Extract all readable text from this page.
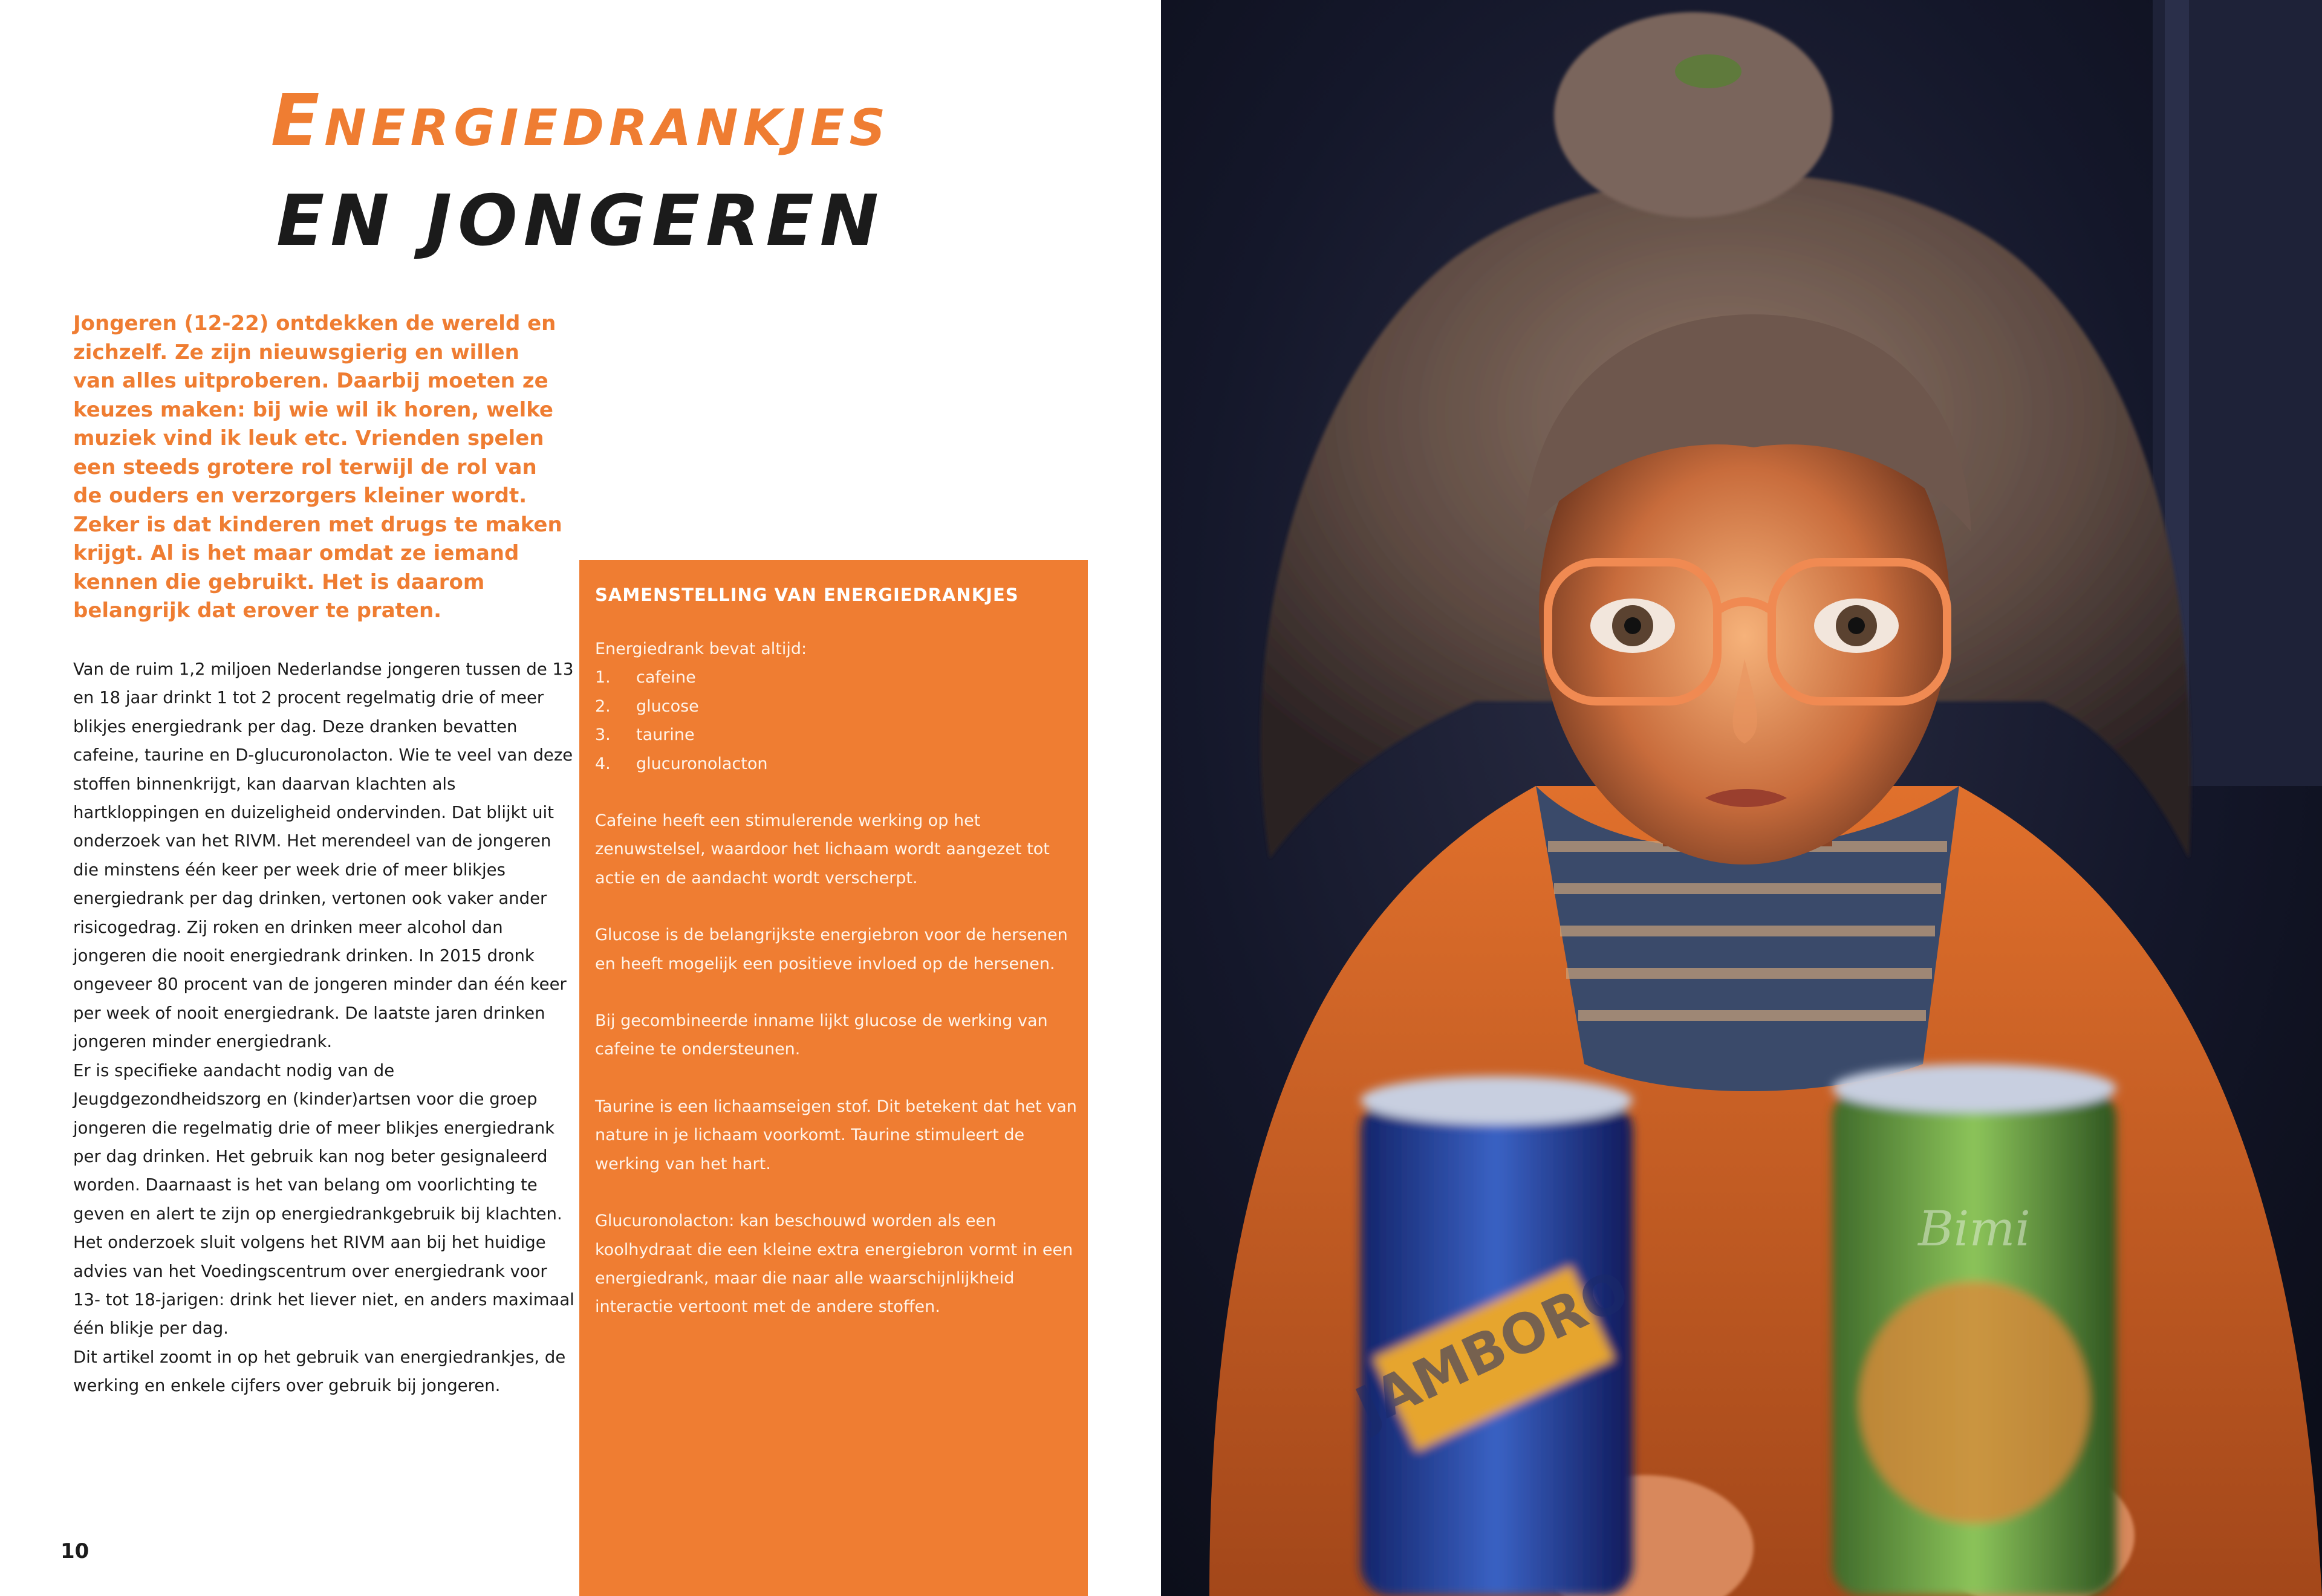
Energiedrankjes
EN JONGEREN

Jongeren (12-22) ontdekken de wereld en zichzelf. Ze zijn nieuwsgierig en willen van alles uitproberen. Daarbij moeten ze keuzes maken: bij wie wil ik horen, welke muziek vind ik leuk etc. Vrienden spelen een steeds grotere rol terwijl de rol van de ouders en verzorgers kleiner wordt. Zeker is dat kinderen met drugs te maken krijgt. Al is het maar omdat ze iemand kennen die gebruikt. Het is daarom belangrijk dat erover te praten.

Van de ruim 1,2 miljoen Nederlandse jongeren tussen de 13 en 18 jaar drinkt 1 tot 2 procent regelmatig drie of meer blikjes energiedrank per dag. Deze dranken bevatten cafeine, taurine en D-glucuronolacton. Wie te veel van deze stoffen binnenkrijgt, kan daarvan klachten als hartkloppingen en duizeligheid ondervinden. Dat blijkt uit onderzoek van het RIVM. Het merendeel van de jongeren die minstens één keer per week drie of meer blikjes energiedrank per dag drinken, vertonen ook vaker ander risicogedrag. Zij roken en drinken meer alcohol dan jongeren die nooit energiedrank drinken. In 2015 dronk ongeveer 80 procent van de jongeren minder dan één keer per week of nooit energiedrank. De laatste jaren drinken jongeren minder energiedrank.

Er is specifieke aandacht nodig van de Jeugdgezondheidszorg en (kinder)artsen voor die groep jongeren die regelmatig drie of meer blikjes energiedrank per dag drinken. Het gebruik kan nog beter gesignaleerd worden. Daarnaast is het van belang om voorlichting te geven en alert te zijn op energiedrankgebruik bij klachten.

Het onderzoek sluit volgens het RIVM aan bij het huidige advies van het Voedingscentrum over energiedrank voor 13- tot 18-jarigen: drink het liever niet, en anders maximaal één blikje per dag.

Dit artikel zoomt in op het gebruik van energiedrankjes, de werking en enkele cijfers over gebruik bij jongeren.

SAMENSTELLING VAN ENERGIEDRANKJES

Energiedrank bevat altijd:

1.	cafeine
2.	glucose
3.	taurine
4.	glucuronolacton

Cafeine heeft een stimulerende werking op het zenuwstelsel, waardoor het lichaam wordt aangezet tot actie en de aandacht wordt verscherpt.

Glucose is de belangrijkste energiebron voor de hersenen en heeft mogelijk een positieve invloed op de hersenen.

Bij gecombineerde inname lijkt glucose de werking van cafeine te ondersteunen.

Taurine is een lichaamseigen stof. Dit betekent dat het van nature in je lichaam voorkomt. Taurine stimuleert de werking van het hart.

Glucuronolacton: kan beschouwd worden als een koolhydraat die een kleine extra energiebron vormt in een energiedrank, maar die naar alle waarschijnlijkheid interactie vertoont met de andere stoffen.

10
JAMBORO
Bimi
